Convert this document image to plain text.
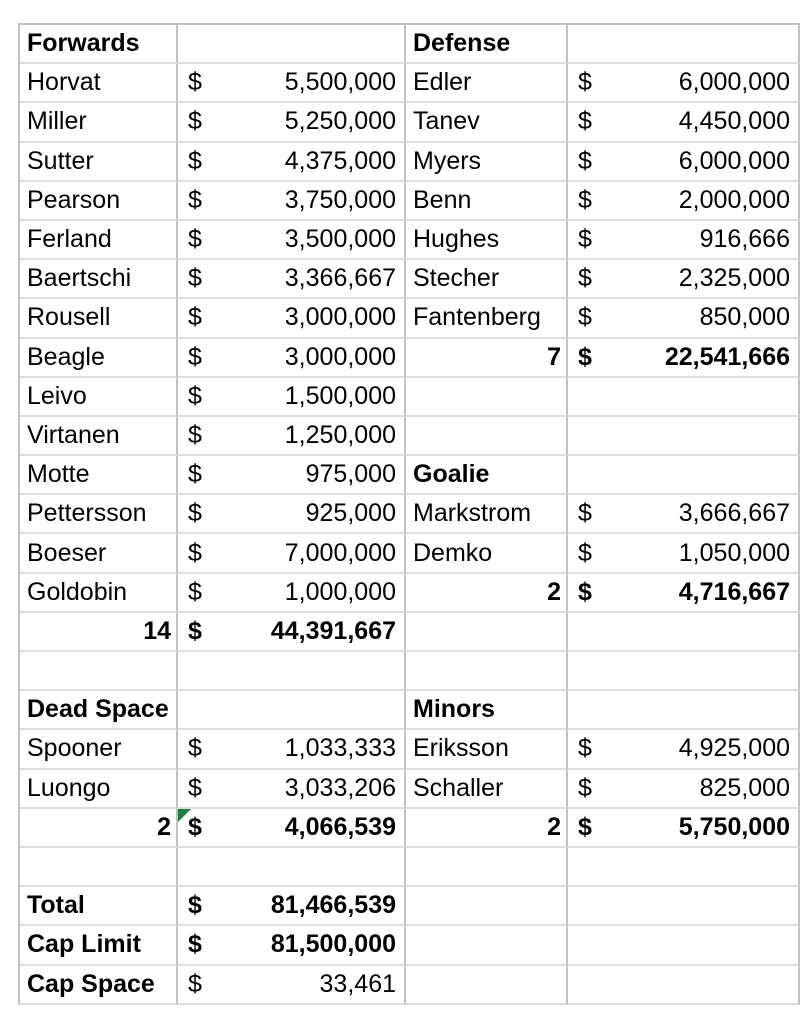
Forwards	Defense
Horvat	$	5,500,000 Edler	$	6,000,000
Miller	$	5,250,000 Tanev	$	4,450,000
Sutter	$	4,375,000 Myers	$	6,000,000
Pearson	$	3,750,000 Benn	$	2,000,000
Ferland	$	3,500,000 Hughes	$	916,666
Baertschi $	3,366,667 Stecher	$	2,325,000
Rousell	$	3,000,000 Fantenberg $	850,000
Beagle	$	3,000,000	7 $	22,541,666
Leivo	$	1,500,000
Virtanen	$	1,250,000
Motte	$	975,000 Goalie
Pettersson $	925,000 Markstrom $	3,666,667
Boeser	$	7,000,000 Demko	$	1,050,000
Goldobin $	1,000,000	2 $	4,716,667
14 $	44,391,667
Dead Space	Minors
Spooner	$	1,033,333 Eriksson	$	4,925,000
Luongo	$	3,033,206 Schaller	$	825,000
2 $	4,066,539	2 $	5,750,000
Total	$	81,466,539
Cap Limit $	81,500,000
Cap Space $	33,461
